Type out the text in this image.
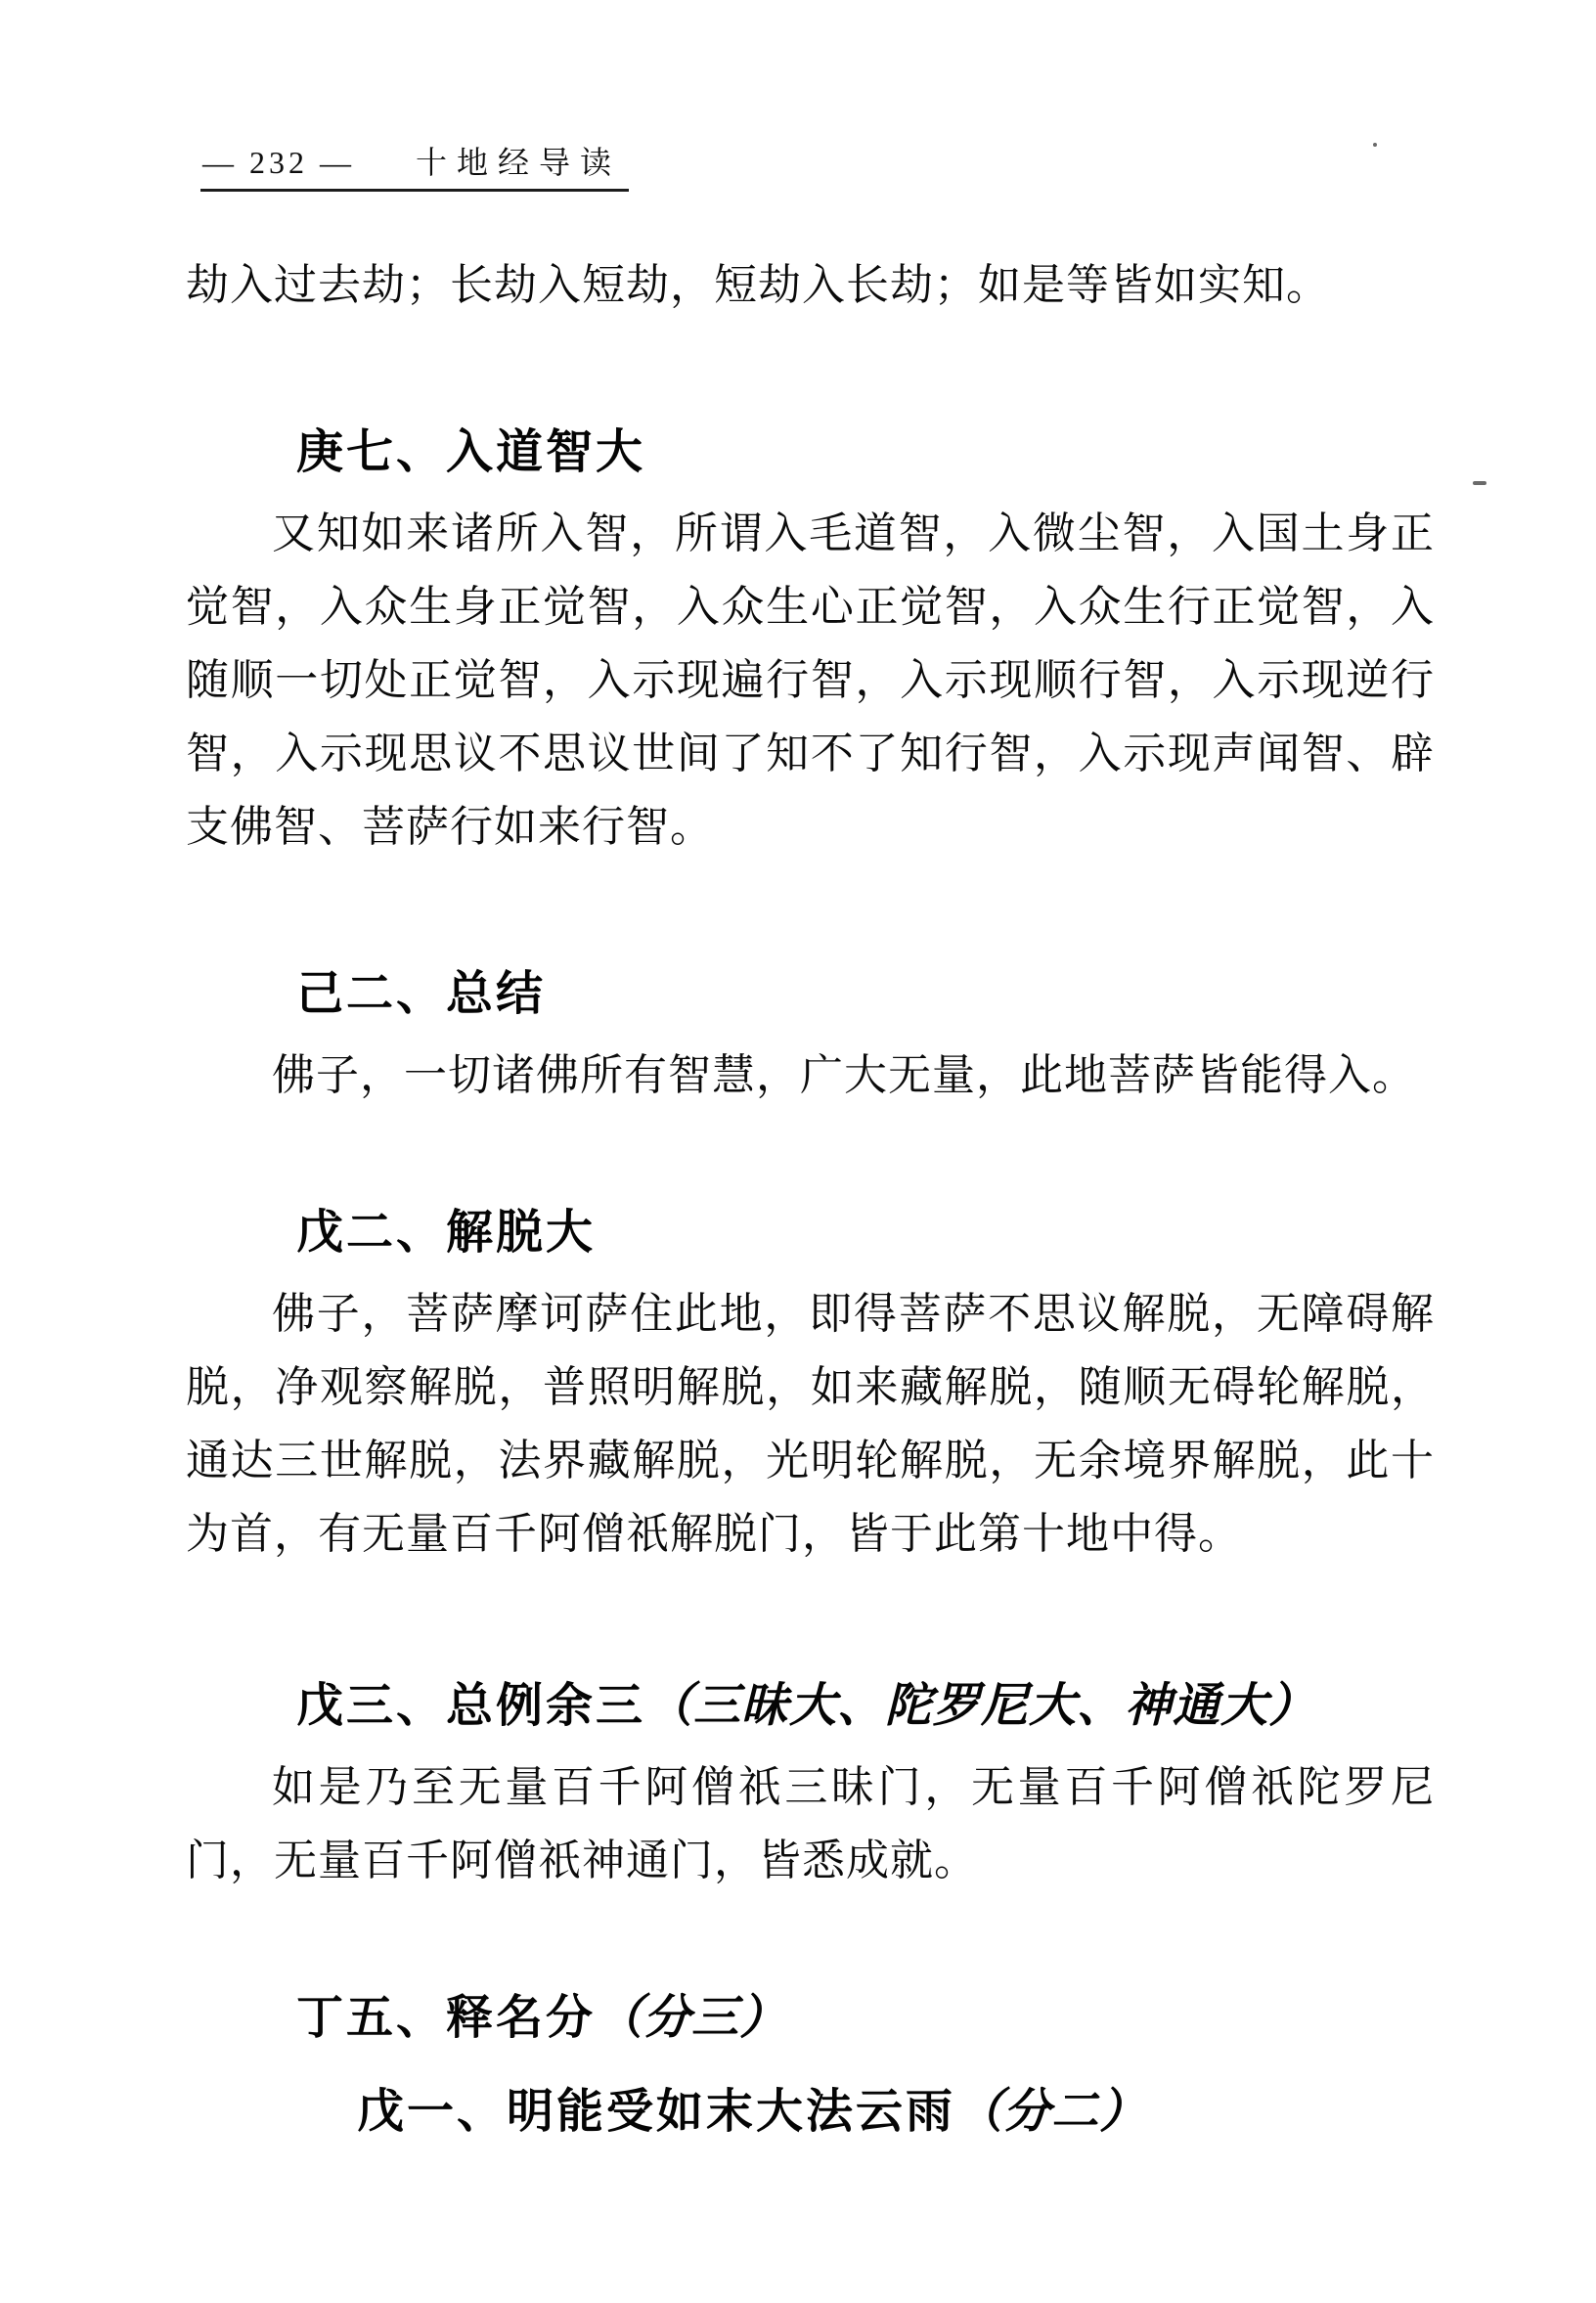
— 232 — 十地经导读

劫入过去劫；长劫入短劫，短劫入长劫；如是等皆如实知。

庚七、入道智大

又知如来诸所入智，所谓入毛道智，入微尘智，入国土身正觉智，入众生身正觉智，入众生心正觉智，入众生行正觉智，入随顺一切处正觉智，入示现遍行智，入示现顺行智，入示现逆行智，入示现思议不思议世间了知不了知行智，入示现声闻智、辟支佛智、菩萨行如来行智。

己二、总结

佛子，一切诸佛所有智慧，广大无量，此地菩萨皆能得入。

戊二、解脱大

佛子，菩萨摩诃萨住此地，即得菩萨不思议解脱，无障碍解脱，净观察解脱，普照明解脱，如来藏解脱，随顺无碍轮解脱，通达三世解脱，法界藏解脱，光明轮解脱，无余境界解脱，此十为首，有无量百千阿僧祇解脱门，皆于此第十地中得。

戊三、总例余三（三昧大、陀罗尼大、神通大）

如是乃至无量百千阿僧祇三昧门，无量百千阿僧祇陀罗尼门，无量百千阿僧祇神通门，皆悉成就。

丁五、释名分（分三）
戊一、明能受如末大法云雨（分二）
